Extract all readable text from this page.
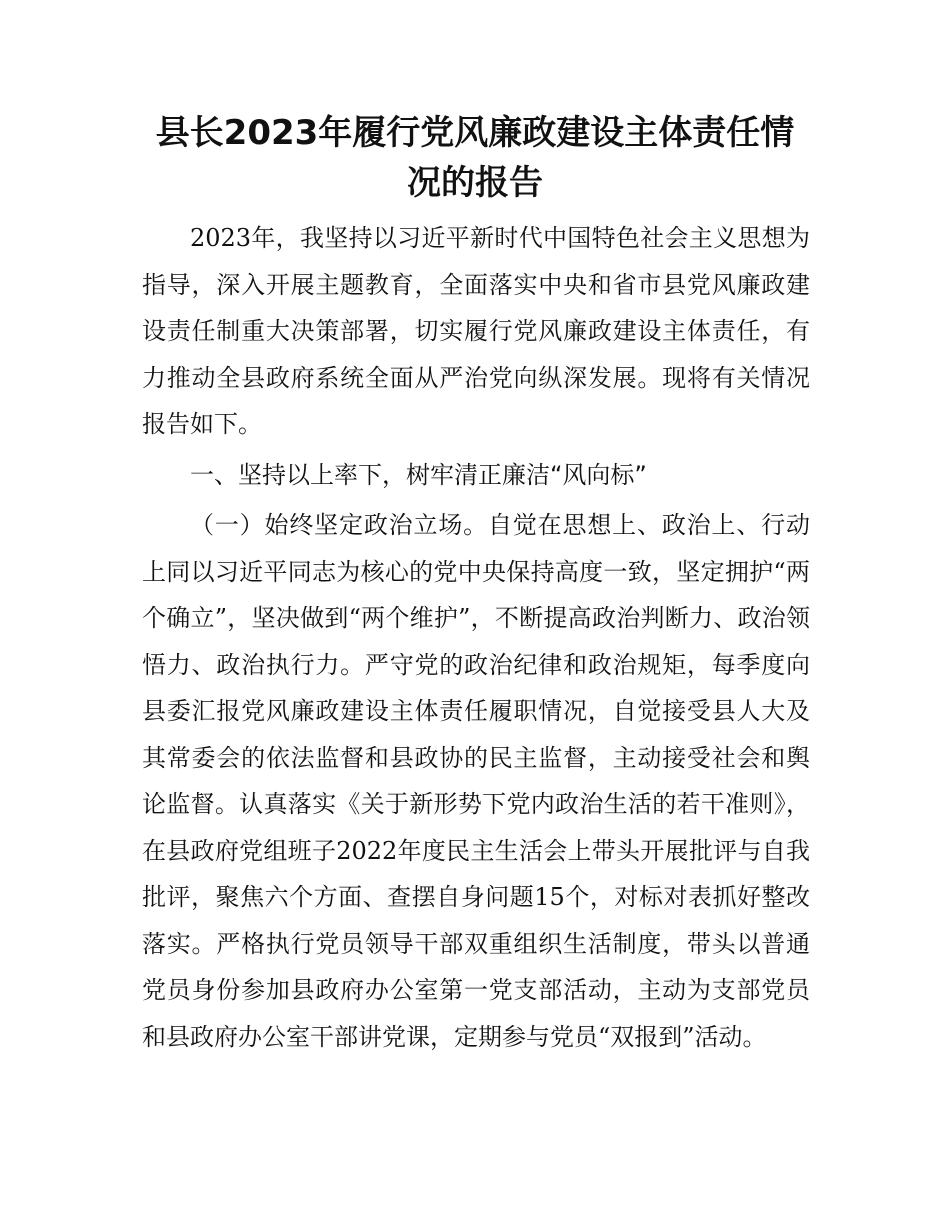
县长2023年履行党风廉政建设主体责任情况的报告

2023年，我坚持以习近平新时代中国特色社会主义思想为指导，深入开展主题教育，全面落实中央和省市县党风廉政建设责任制重大决策部署，切实履行党风廉政建设主体责任，有力推动全县政府系统全面从严治党向纵深发展。现将有关情况报告如下。

一、坚持以上率下，树牢清正廉洁“风向标”

（一）始终坚定政治立场。自觉在思想上、政治上、行动上同以习近平同志为核心的党中央保持高度一致，坚定拥护“两个确立”，坚决做到“两个维护”，不断提高政治判断力、政治领悟力、政治执行力。严守党的政治纪律和政治规矩，每季度向县委汇报党风廉政建设主体责任履职情况，自觉接受县人大及其常委会的依法监督和县政协的民主监督，主动接受社会和舆论监督。认真落实《关于新形势下党内政治生活的若干准则》，在县政府党组班子2022年度民主生活会上带头开展批评与自我批评，聚焦六个方面、查摆自身问题15个，对标对表抓好整改落实。严格执行党员领导干部双重组织生活制度，带头以普通党员身份参加县政府办公室第一党支部活动，主动为支部党员和县政府办公室干部讲党课，定期参与党员“双报到”活动。
